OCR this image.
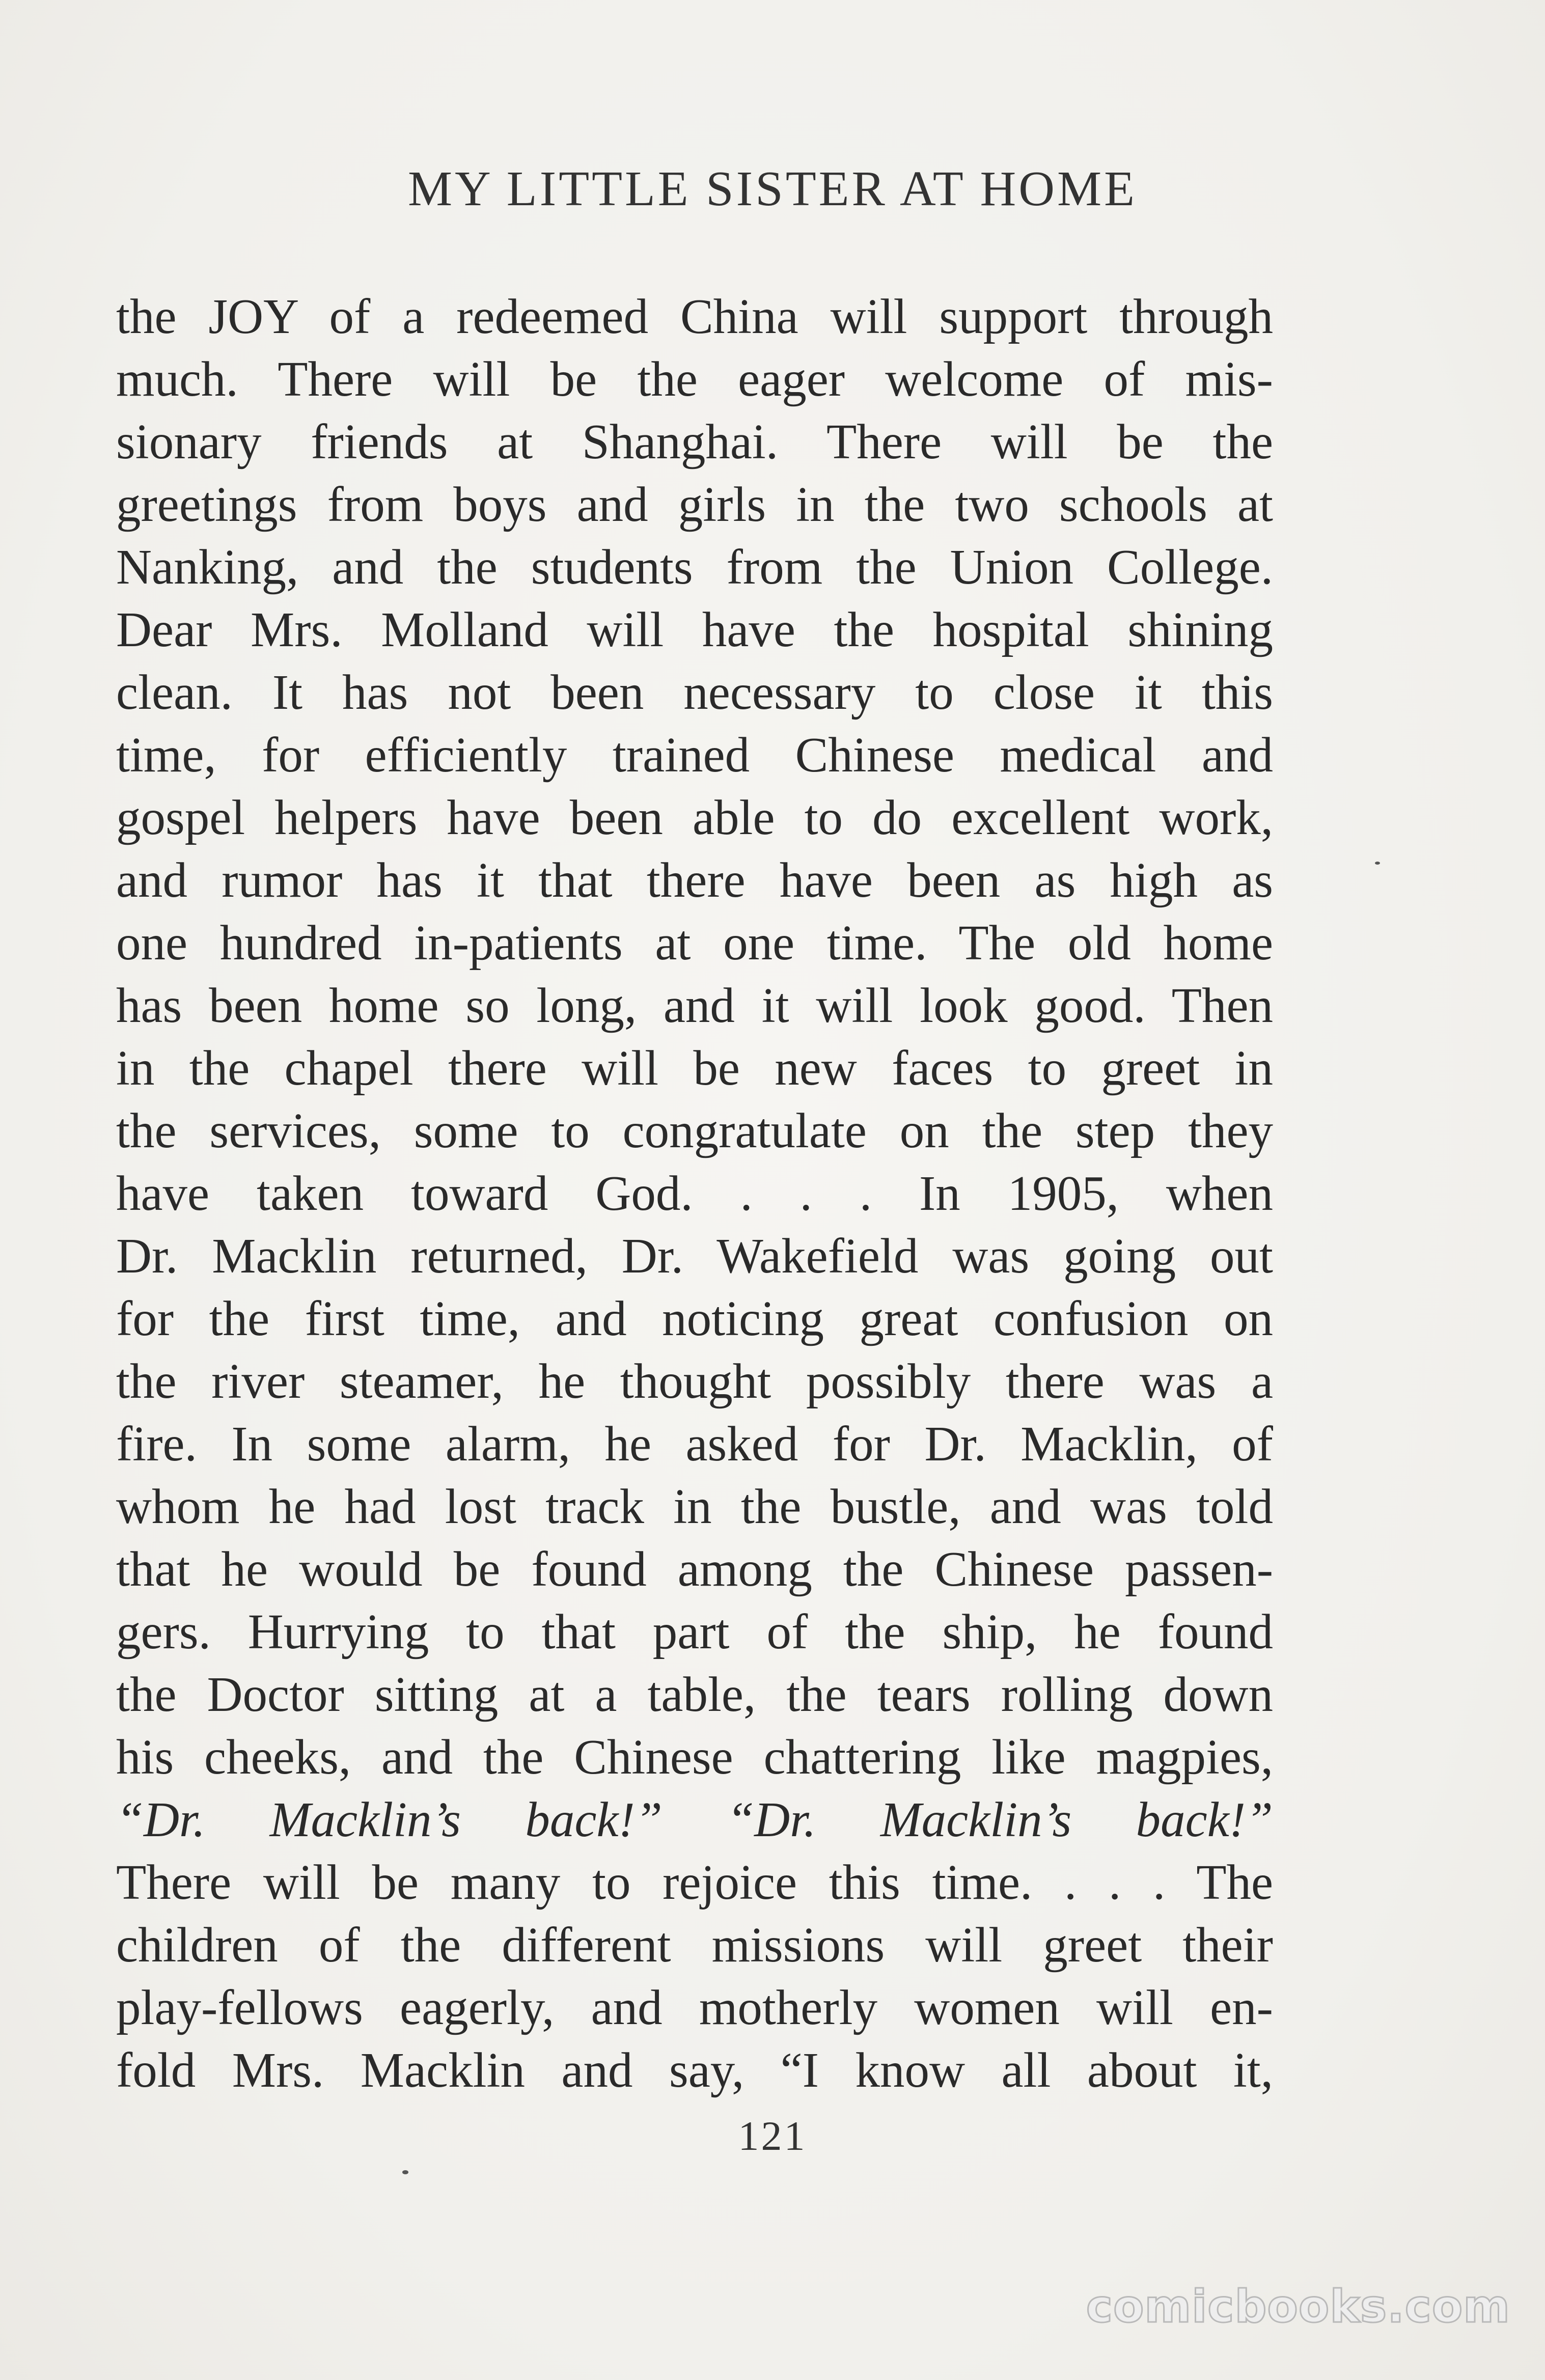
MY LITTLE SISTER AT HOME
the JOY of a redeemed China will support through
much. There will be the eager welcome of mis-
sionary friends at Shanghai. There will be the
greetings from boys and girls in the two schools at
Nanking, and the students from the Union College.
Dear Mrs. Molland will have the hospital shining
clean. It has not been necessary to close it this
time, for efficiently trained Chinese medical and
gospel helpers have been able to do excellent work,
and rumor has it that there have been as high as
one hundred in-patients at one time. The old home
has been home so long, and it will look good. Then
in the chapel there will be new faces to greet in
the services, some to congratulate on the step they
have taken toward God. . . . In 1905, when
Dr. Macklin returned, Dr. Wakefield was going out
for the first time, and noticing great confusion on
the river steamer, he thought possibly there was a
fire. In some alarm, he asked for Dr. Macklin, of
whom he had lost track in the bustle, and was told
that he would be found among the Chinese passen-
gers. Hurrying to that part of the ship, he found
the Doctor sitting at a table, the tears rolling down
his cheeks, and the Chinese chattering like magpies,
“Dr. Macklin’s back!” “Dr. Macklin’s back!”
There will be many to rejoice this time. . . . The
children of the different missions will greet their
play-fellows eagerly, and motherly women will en-
fold Mrs. Macklin and say, “I know all about it,
121
comicbooks.com
